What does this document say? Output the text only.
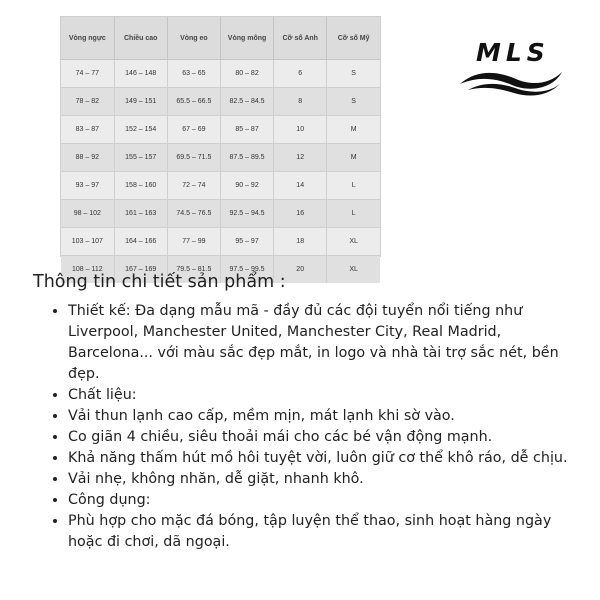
Vòng ngực	Chiều cao	Vòng eo	Vòng mông	Cỡ số Anh	Cỡ số Mỹ
74 – 77	146 – 148	63 – 65	80 – 82	6	S
78 – 82	149 – 151	65.5 – 66.5	82.5 – 84.5	8	S
83 – 87	152 – 154	67 – 69	85 – 87	10	M
88 – 92	155 – 157	69.5 – 71.5	87.5 – 89.5	12	M
93 – 97	158 – 160	72 – 74	90 – 92	14	L
98 – 102	161 – 163	74.5 – 76.5	92.5 – 94.5	16	L
103 – 107	164 – 166	77 – 99	95 – 97	18	XL
108 – 112	167 – 169	79.5 – 81.5	97.5 – 99.5	20	XL
MLS
Thông tin chi tiết sản phẩm :
• Thiết kế: Đa dạng mẫu mã - đầy đủ các đội tuyển nổi tiếng như Liverpool, Manchester United, Manchester City, Real Madrid, Barcelona... với màu sắc đẹp mắt, in logo và nhà tài trợ sắc nét, bền đẹp.
• Chất liệu:
• Vải thun lạnh cao cấp, mềm mịn, mát lạnh khi sờ vào.
• Co giãn 4 chiều, siêu thoải mái cho các bé vận động mạnh.
• Khả năng thấm hút mồ hôi tuyệt vời, luôn giữ cơ thể khô ráo, dễ chịu.
• Vải nhẹ, không nhăn, dễ giặt, nhanh khô.
• Công dụng:
• Phù hợp cho mặc đá bóng, tập luyện thể thao, sinh hoạt hàng ngày hoặc đi chơi, dã ngoại.
